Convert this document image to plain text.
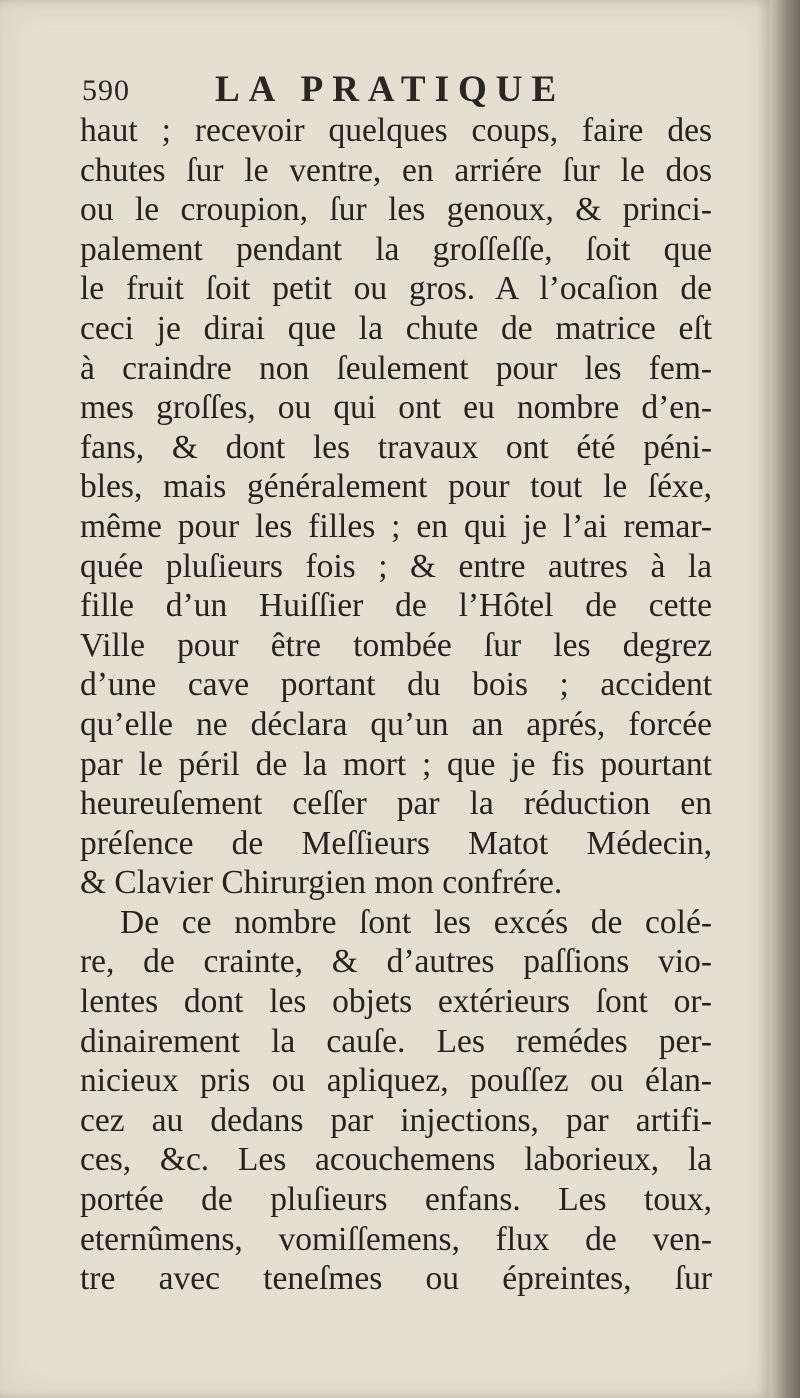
590 LA PRATIQUE
haut ; recevoir quelques coups, faire des
chutes ſur le ventre, en arriére ſur le dos
ou le croupion, ſur les genoux, & princi-
palement pendant la groſſeſſe, ſoit que
le fruit ſoit petit ou gros. A l’ocaſion de
ceci je dirai que la chute de matrice eſt
à craindre non ſeulement pour les fem-
mes groſſes, ou qui ont eu nombre d’en-
fans, & dont les travaux ont été péni-
bles, mais généralement pour tout le ſéxe,
même pour les filles ; en qui je l’ai remar-
quée pluſieurs fois ; & entre autres à la
fille d’un Huiſſier de l’Hôtel de cette
Ville pour être tombée ſur les degrez
d’une cave portant du bois ; accident
qu’elle ne déclara qu’un an aprés, forcée
par le péril de la mort ; que je fis pourtant
heureuſement ceſſer par la réduction en
préſence de Meſſieurs Matot Médecin,
& Clavier Chirurgien mon confrére.
De ce nombre ſont les excés de colé-
re, de crainte, & d’autres paſſions vio-
lentes dont les objets extérieurs ſont or-
dinairement la cauſe. Les remédes per-
nicieux pris ou apliquez, pouſſez ou élan-
cez au dedans par injections, par artifi-
ces, &c. Les acouchemens laborieux, la
portée de pluſieurs enfans. Les toux,
eternûmens, vomiſſemens, flux de ven-
tre avec teneſmes ou épreintes, ſur
